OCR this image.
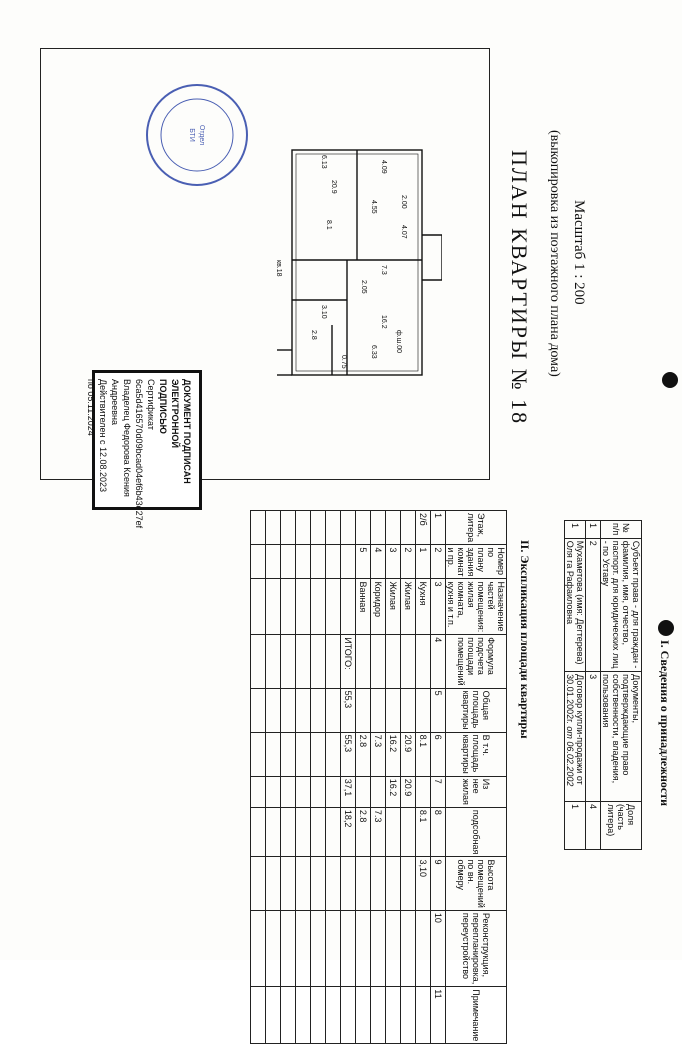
ПЛАН КВАРТИРЫ № 18 (выкопировка из поэтажного плана дома) Масштаб 1 : 200
4.09
2.00
4.07
4.55
20.9
6.13
8.1
7.3
2.05
3.10
2.8
16.2
6.33
0.75
ф.ш.00
кв.18
Отдел
БТИ
ДОКУМЕНТ ПОДПИСАН
ЭЛЕКТРОННОЙ ПОДПИСЬЮ
Сертификат 6ca5d416570d09bcad04ef6b43d27ef
Владелец Федорова Ксения Андреевна
Действителен с 12.08.2023 по 05.11.2024
I. Сведения о принадлежности
№ п/п	Субъект права - для граждан - фамилия, имя, отчество, паспорт. для юридических лиц - по Уставу	Документы, подтверждающие право собственности, владения, пользования	Доля (часть литера)
1	2	3	4
1	Мухаметова (имя: Дегтерева) Оля га Рафаиловна	Договор купли-продажи от 30.01.2002г. от 06.02.2002	1
II. Экспликация площади квартиры
Этаж, литера	Номер по плану здания комнат и пр.	Назначение частей помещения: жилая комната, кухня и т.п.	Формула подсчета площади помещений	Общая площадь квартиры	В т.ч. площадь квартиры	Из нее жилая	подсобная	Высота помещений по вн. обмеру	Реконструкция, перепланировка, переустройство	Примечание
1	2	3	4	5	6	7	8	9	10	11
2/б	1	Кухня			8.1		8.1	3,10		
	2	Жилая			20.9	20.9				
	3	Жилая			16.2	16.2				
	4	Коридор			7.3		7.3			
	5	Ванная			2.8		2.8			
			ИТОГО:	55,3	55,3	37,1	18,2			
